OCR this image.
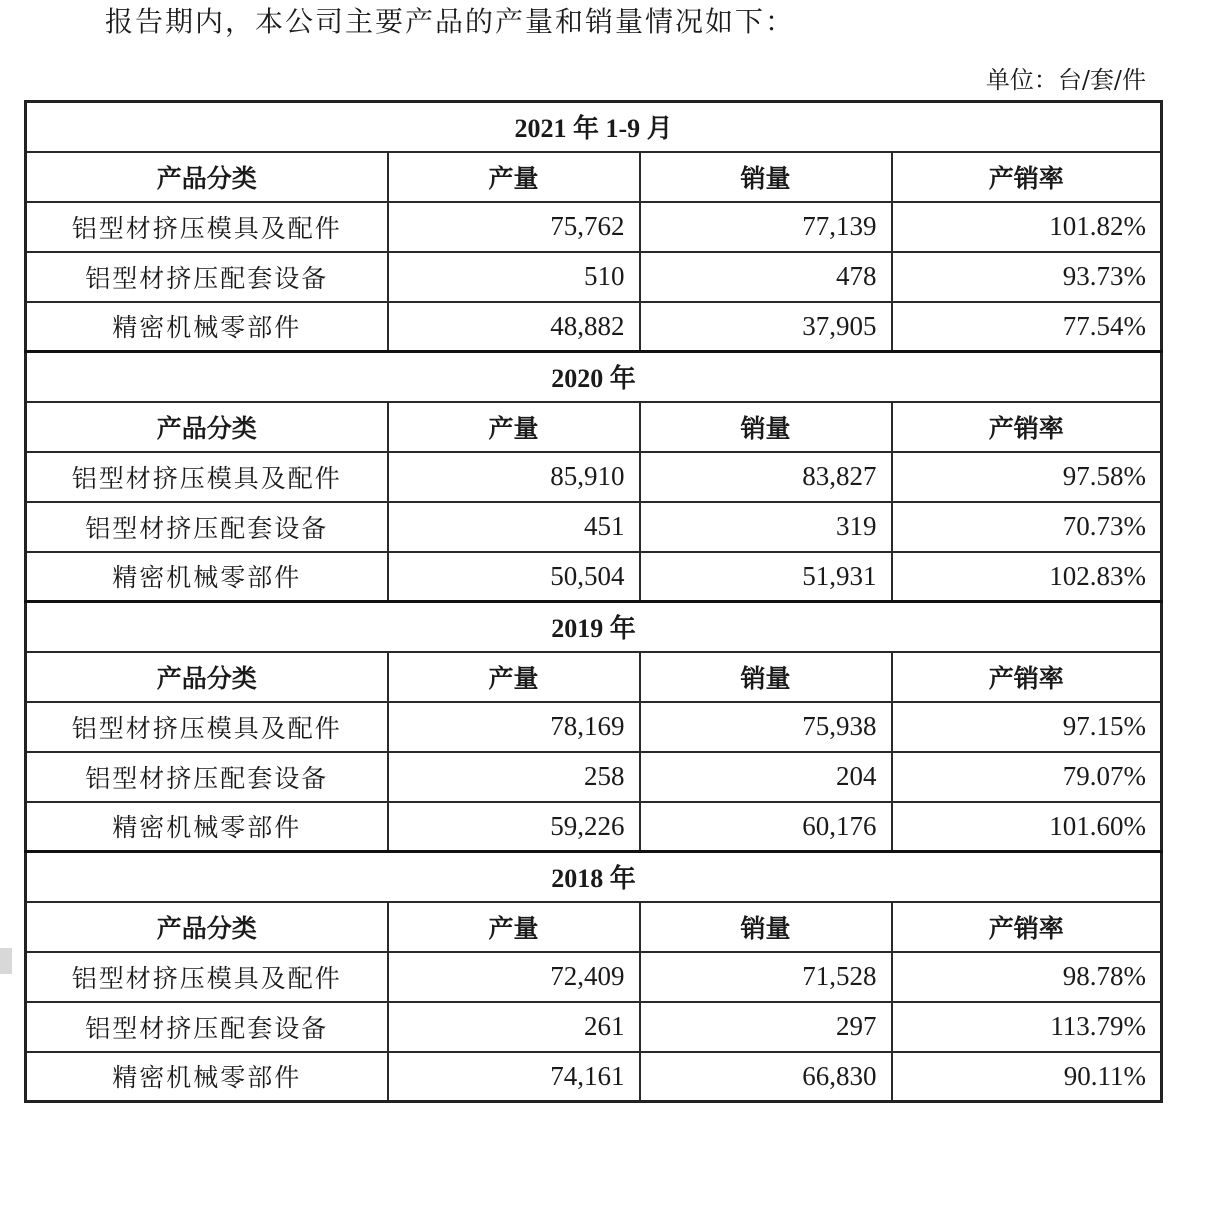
报告期内，本公司主要产品的产量和销量情况如下：
单位：台/套/件
2021 年 1-9 月			
产品分类	产量	销量	产销率
铝型材挤压模具及配件	75,762	77,139	101.82%
铝型材挤压配套设备	510	478	93.73%
精密机械零部件	48,882	37,905	77.54%
2020 年			
产品分类	产量	销量	产销率
铝型材挤压模具及配件	85,910	83,827	97.58%
铝型材挤压配套设备	451	319	70.73%
精密机械零部件	50,504	51,931	102.83%
2019 年			
产品分类	产量	销量	产销率
铝型材挤压模具及配件	78,169	75,938	97.15%
铝型材挤压配套设备	258	204	79.07%
精密机械零部件	59,226	60,176	101.60%
2018 年			
产品分类	产量	销量	产销率
铝型材挤压模具及配件	72,409	71,528	98.78%
铝型材挤压配套设备	261	297	113.79%
精密机械零部件	74,161	66,830	90.11%
